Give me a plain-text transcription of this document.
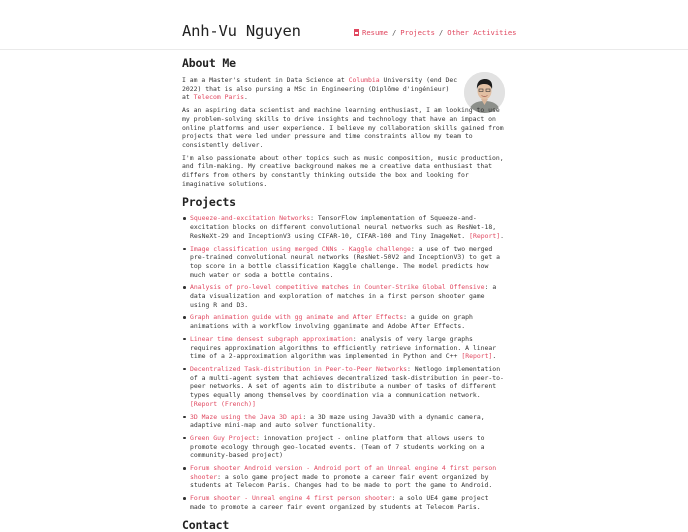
Anh-Vu Nguyen	Resume / Projects / Other Activities
About Me

I am a Master's student in Data Science at Columbia University (end Dec 2022) that is also pursing a MSc in Engineering (Diplôme d'ingénieur) at Telecom Paris.

As an aspiring data scientist and machine learning enthusiast, I am looking to use my problem-solving skills to drive insights and technology that have an impact on online platforms and user experience. I believe my collaboration skills gained from projects that were led under pressure and time constraints allow my team to consistently deliver.

I'm also passionate about other topics such as music composition, music production, and film-making. My creative background makes me a creative data enthusiast that differs from others by constantly thinking outside the box and looking for imaginative solutions.

Projects
Squeeze-and-excitation Networks: TensorFlow implementation of Squeeze-and-excitation blocks on different convolutional neural networks such as ResNet-18, ResNeXt-29 and InceptionV3 using CIFAR-10, CIFAR-100 and Tiny ImageNet. [Report].
Image classification using merged CNNs - Kaggle challenge: a use of two merged pre-trained convolutional neural networks (ResNet-50V2 and InceptionV3) to get a top score in a bottle classification Kaggle challenge. The model predicts how much water or soda a bottle contains.
Analysis of pro-level competitive matches in Counter-Strike Global Offensive: a data visualization and exploration of matches in a first person shooter game using R and D3.
Graph animation guide with gg animate and After Effects: a guide on graph animations with a workflow involving gganimate and Adobe After Effects.
Linear time densest subgraph approximation: analysis of very large graphs requires approximation algorithms to efficiently retrieve information. A linear time of a 2-approximation algorithm was implemented in Python and C++ [Report].
Decentralized Task-distribution in Peer-to-Peer Networks: Netlogo implementation of a multi-agent system that achieves decentralized task-distribution in peer-to-peer networks. A set of agents aim to distribute a number of tasks of different types equally among themselves by coordination via a communication network. [Report (French)]
3D Maze using the Java 3D api: a 3D maze using Java3D with a dynamic camera, adaptive mini-map and auto solver functionality.
Green Guy Project: innovation project - online platform that allows users to promote ecology through geo-located events. (Team of 7 students working on a community-based project)
Forum shooter Android version - Android port of an Unreal engine 4 first person shooter: a solo game project made to promote a career fair event organized by students at Telecom Paris. Changes had to be made to port the game to Android.
Forum shooter - Unreal engine 4 first person shooter: a solo UE4 game project made to promote a career fair event organized by students at Telecom Paris.
Contact
